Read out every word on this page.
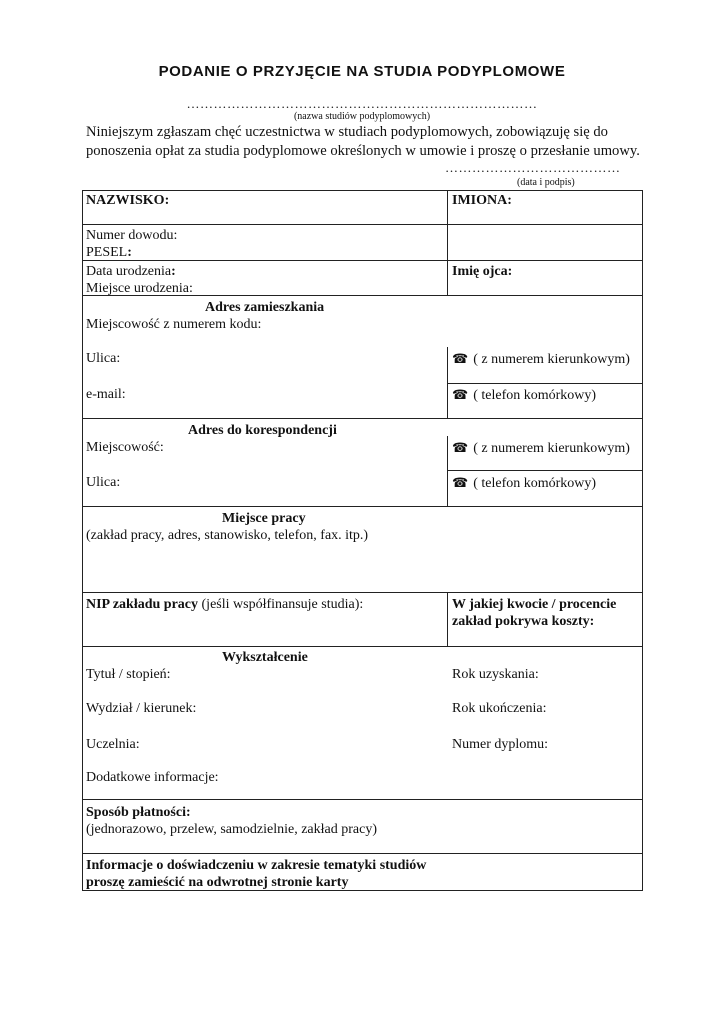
PODANIE O PRZYJĘCIE NA STUDIA PODYPLOMOWE
……………………………………………………………………
(nazwa studiów podyplomowych)
Niniejszym zgłaszam chęć uczestnictwa w studiach podyplomowych, zobowiązuję się do
ponoszenia opłat za studia podyplomowe określonych w umowie i proszę o przesłanie umowy.
…………………………………
(data i podpis)
NAZWISKO:	IMIONA:
Numer dowodu:
PESEL:
Data urodzenia:
Miejsce urodzenia:
Imię ojca:
Adres zamieszkania
Miejscowość z numerem kodu:
Ulica:	☎ ( z numerem kierunkowym)
e-mail:	☎ ( telefon komórkowy)
Adres do korespondencji
Miejscowość:	☎ ( z numerem kierunkowym)
Ulica:	☎ ( telefon komórkowy)
Miejsce pracy
(zakład pracy, adres, stanowisko, telefon, fax. itp.)
NIP zakładu pracy (jeśli współfinansuje studia):	W jakiej kwocie / procencie
zakład pokrywa koszty:
Wykształcenie
Tytuł / stopień:	Rok uzyskania:
Wydział / kierunek:	Rok ukończenia:
Uczelnia:	Numer dyplomu:
Dodatkowe informacje:
Sposób płatności:
(jednorazowo, przelew, samodzielnie, zakład pracy)
Informacje o doświadczeniu w zakresie tematyki studiów
proszę zamieścić na odwrotnej stronie karty
